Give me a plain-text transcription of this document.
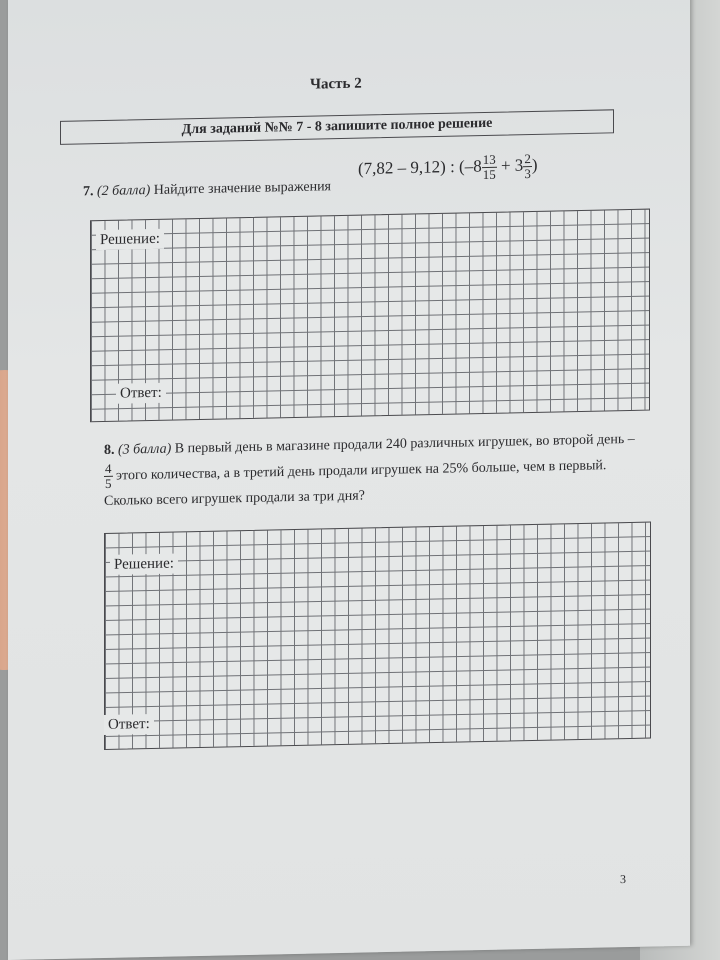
Часть 2
Для заданий №№ 7 - 8 запишите полное решение
7. (2 балла) Найдите значение выражения
(7,82 – 9,12) : ($-8 \frac{13}{15} + 3 \frac{2}{3}$ )
Решение:
Ответ:
8. (3 балла) В первый день в магазине продали 240 различных игрушек, во второй день –
$\frac{4}{5}$ этого количества, а в третий день продали игрушек на 25% больше, чем в первый. Сколько всего игрушек продали за три дня?
Решение:
Ответ:
3
